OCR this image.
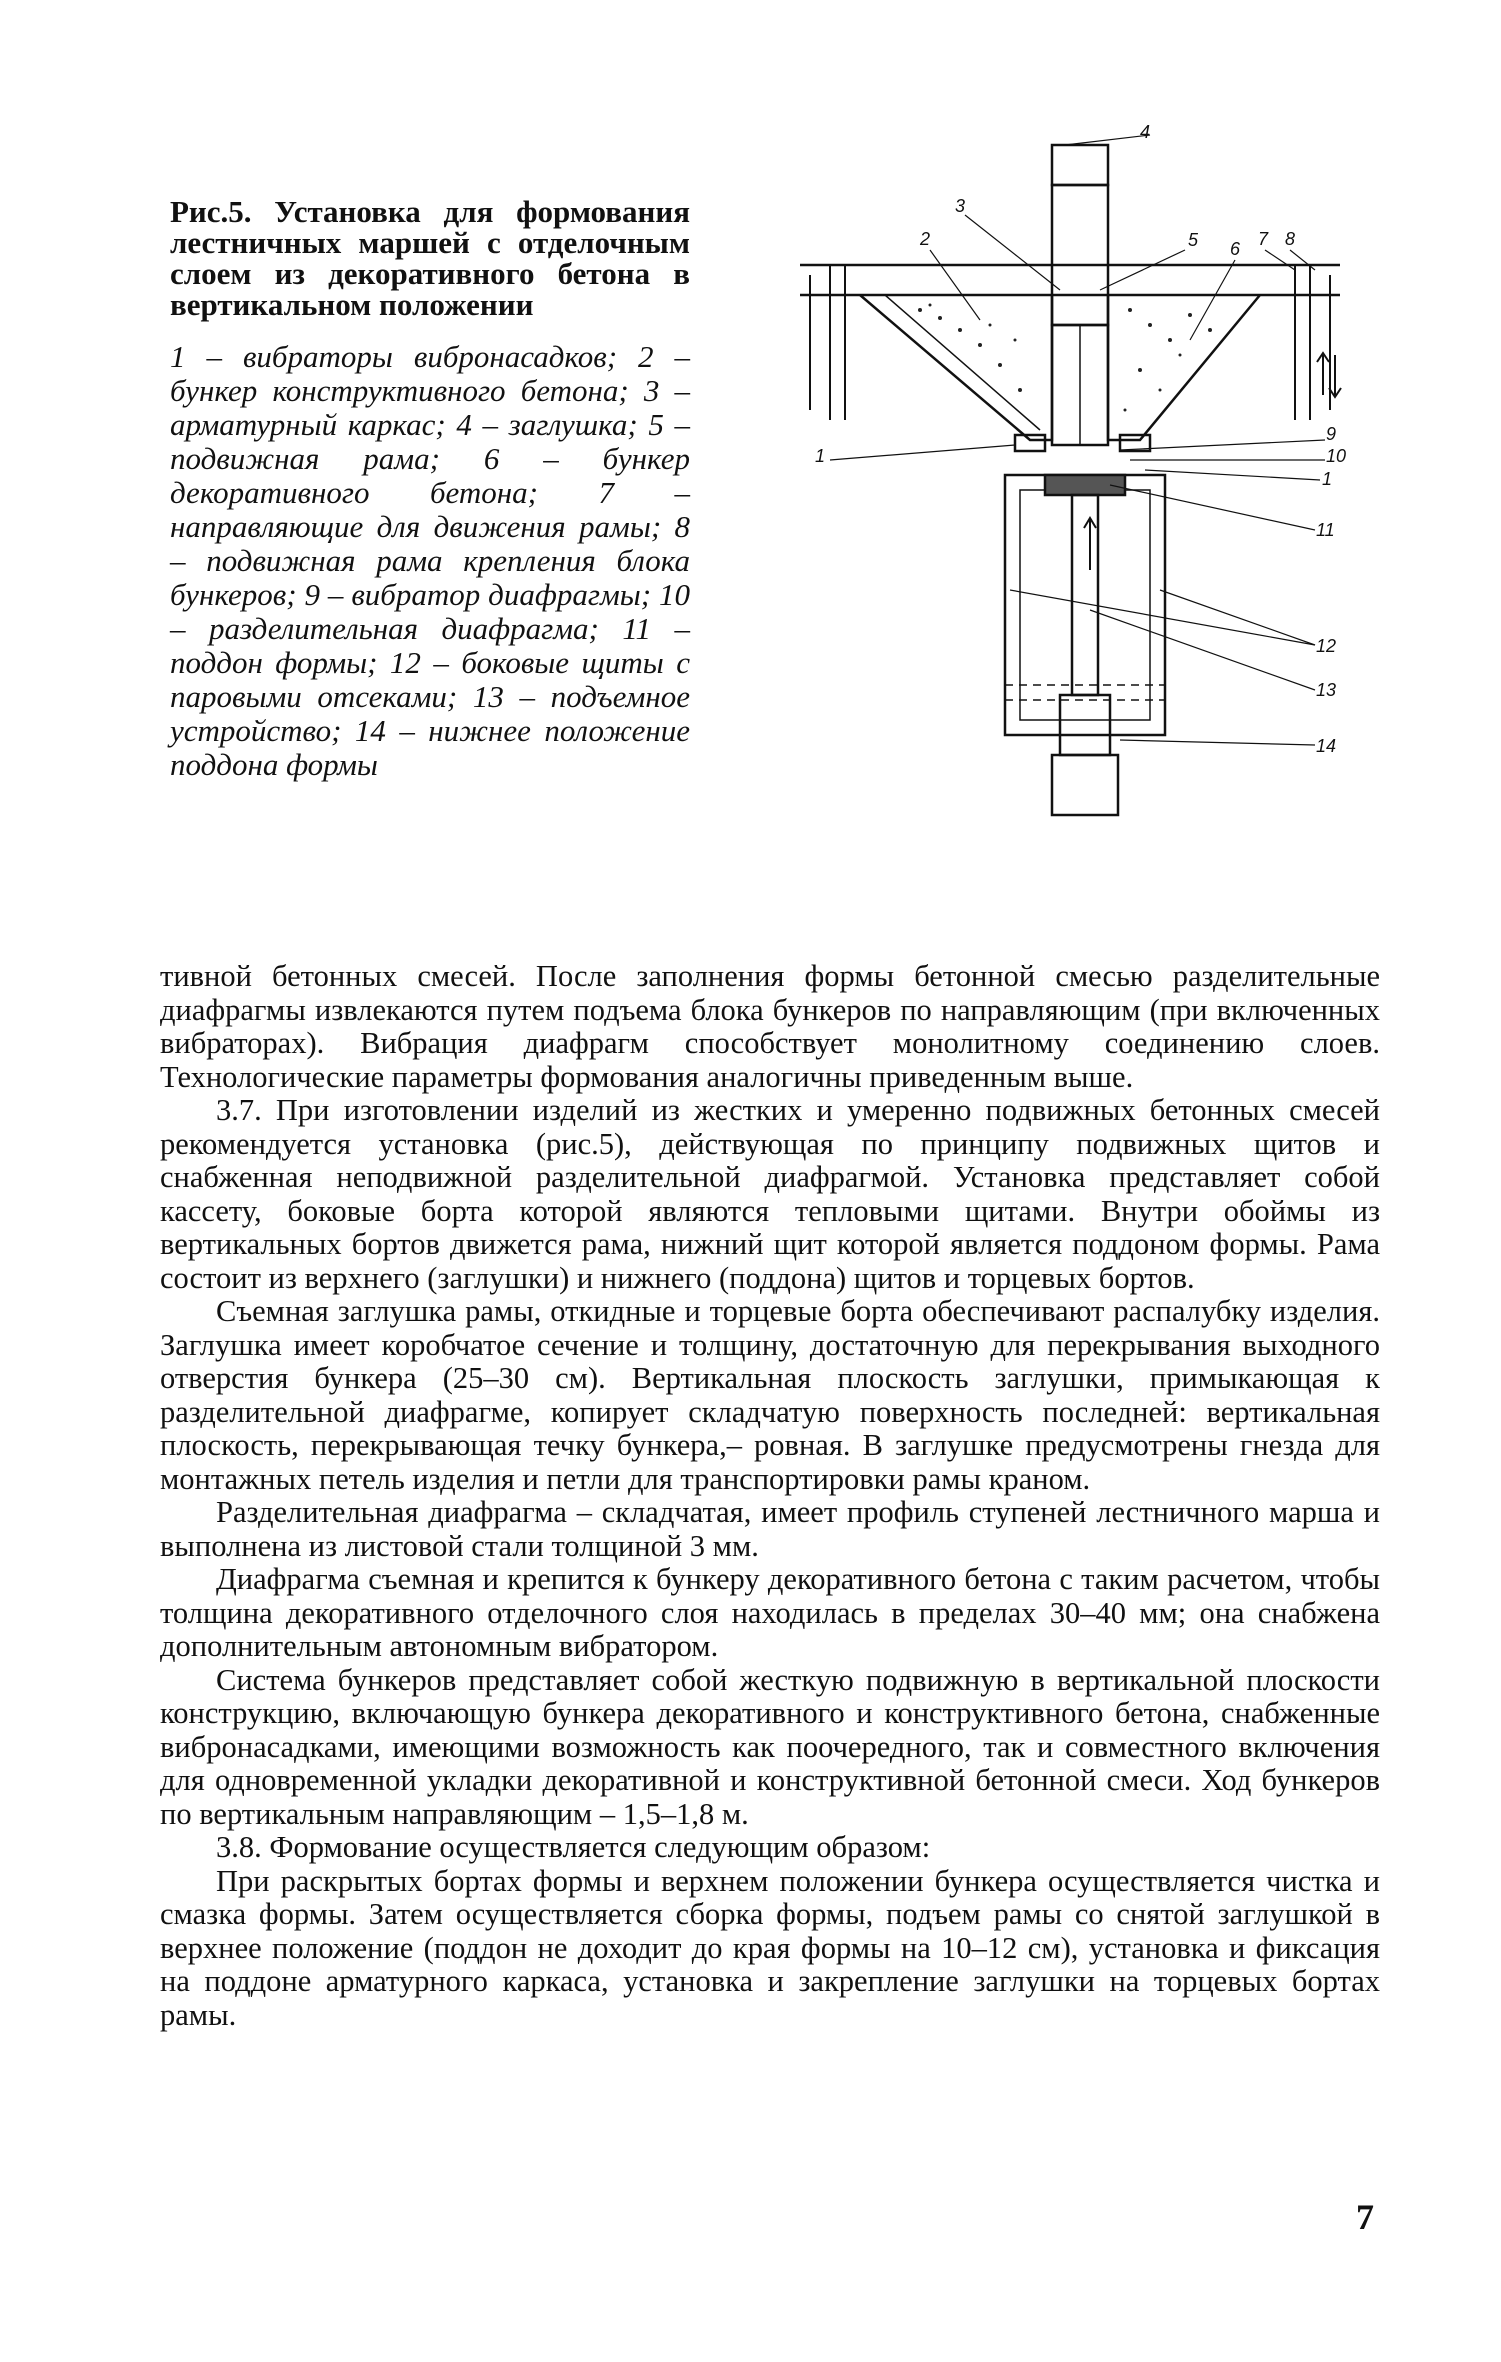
Рис.5. Установка для формования лестничных маршей с отделочным слоем из декоративного бетона в вертикальном положении

1 – вибраторы вибронасадков; 2 – бункер конструктивного бетона; 3 – арматурный каркас; 4 – заглушка; 5 – подвижная рама; 6 – бункер декоративного бетона; 7 – направляющие для движения рамы; 8 – подвижная рама крепления блока бункеров; 9 – вибратор диафрагмы; 10 – разделительная диафрагма; 11 – поддон формы; 12 – боковые щиты с паровыми отсеками; 13 – подъемное устройство; 14 – нижнее положение поддона формы

4
3
2	5 6 7 8
9
10
1
1
11
12
13
14

тивной бетонных смесей. После заполнения формы бетонной смесью разделительные диафрагмы извлекаются путем подъема блока бункеров по направляющим (при включенных вибраторах). Вибрация диафрагм способствует монолитному соединению слоев. Технологические параметры формования аналогичны приведенным выше.

3.7. При изготовлении изделий из жестких и умеренно подвижных бетонных смесей рекомендуется установка (рис.5), действующая по принципу подвижных щитов и снабженная неподвижной разделительной диафрагмой. Установка представляет собой кассету, боковые борта которой являются тепловыми щитами. Внутри обоймы из вертикальных бортов движется рама, нижний щит которой является поддоном формы. Рама состоит из верхнего (заглушки) и нижнего (поддона) щитов и торцевых бортов.

Съемная заглушка рамы, откидные и торцевые борта обеспечивают распалубку изделия. Заглушка имеет коробчатое сечение и толщину, достаточную для перекрывания выходного отверстия бункера (25–30 см). Вертикальная плоскость заглушки, примыкающая к разделительной диафрагме, копирует складчатую поверхность последней: вертикальная плоскость, перекрывающая течку бункера,– ровная. В заглушке предусмотрены гнезда для монтажных петель изделия и петли для транспортировки рамы краном.

Разделительная диафрагма – складчатая, имеет профиль ступеней лестничного марша и выполнена из листовой стали толщиной 3 мм.

Диафрагма съемная и крепится к бункеру декоративного бетона с таким расчетом, чтобы толщина декоративного отделочного слоя находилась в пределах 30–40 мм; она снабжена дополнительным автономным вибратором.

Система бункеров представляет собой жесткую подвижную в вертикальной плоскости конструкцию, включающую бункера декоративного и конструктивного бетона, снабженные вибронасадками, имеющими возможность как поочередного, так и совместного включения для одновременной укладки декоративной и конструктивной бетонной смеси. Ход бункеров по вертикальным направляющим – 1,5–1,8 м.

3.8. Формование осуществляется следующим образом:

При раскрытых бортах формы и верхнем положении бункера осуществляется чистка и смазка формы. Затем осуществляется сборка формы, подъем рамы со снятой заглушкой в верхнее положение (поддон не доходит до края формы на 10–12 см), установка и фиксация на поддоне арматурного каркаса, установка и закрепление заглушки на торцевых бортах рамы.

7
